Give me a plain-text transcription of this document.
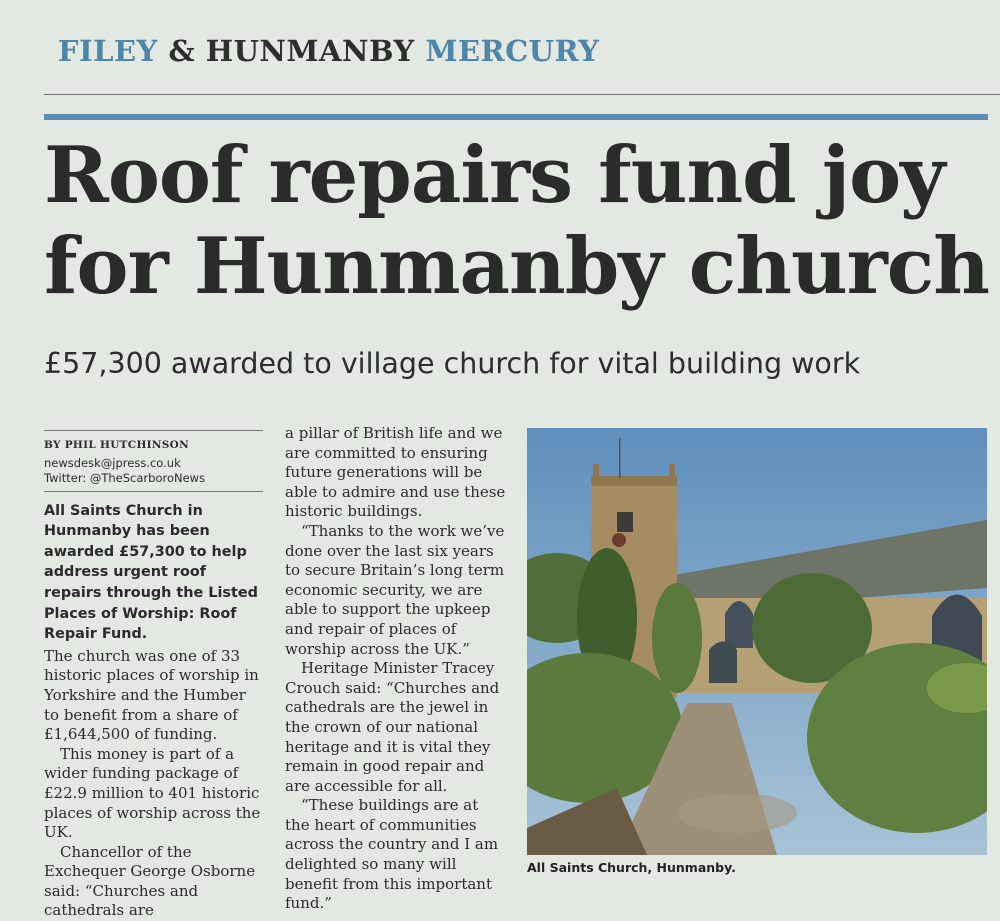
FILEY & HUNMANBY MERCURY
Roof repairs fund joy
for Hunmanby church
£57,300 awarded to village church for vital building work
BY PHIL HUTCHINSON
newsdesk@jpress.co.uk
Twitter: @TheScarboroNews
All Saints Church in Hunmanby has been awarded £57,300 to help address urgent roof repairs through the Listed Places of Worship: Roof Repair Fund.

The church was one of 33 historic places of worship in Yorkshire and the Humber to benefit from a share of £1,644,500 of funding.

This money is part of a wider funding package of £22.9 million to 401 historic places of worship across the UK.

Chancellor of the Exchequer George Osborne said: “Churches and cathedrals are

a pillar of British life and we are committed to ensuring future generations will be able to admire and use these historic buildings.

“Thanks to the work we’ve done over the last six years to secure Britain’s long term economic security, we are able to support the upkeep and repair of places of worship across the UK.”

Heritage Minister Tracey Crouch said: “Churches and cathedrals are the jewel in the crown of our national heritage and it is vital they remain in good repair and are accessible for all.

“These buildings are at the heart of communities across the country and I am delighted so many will benefit from this important fund.”

All Saints Church, Hunmanby.
